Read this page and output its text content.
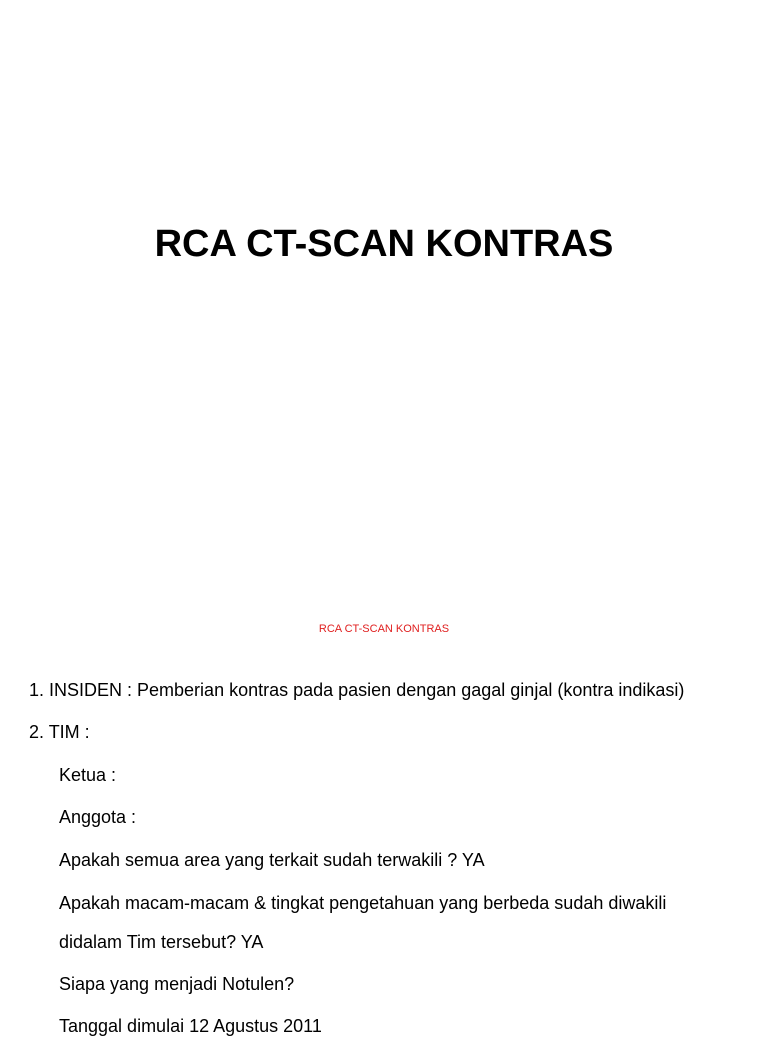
RCA CT-SCAN KONTRAS
RCA CT-SCAN KONTRAS

1. INSIDEN : Pemberian kontras pada pasien dengan gagal ginjal (kontra indikasi)

2. TIM :

Ketua :

Anggota :

Apakah semua area yang terkait sudah terwakili ? YA

Apakah macam-macam & tingkat pengetahuan yang berbeda sudah diwakili

didalam Tim tersebut? YA

Siapa yang menjadi Notulen?

Tanggal dimulai 12 Agustus 2011
